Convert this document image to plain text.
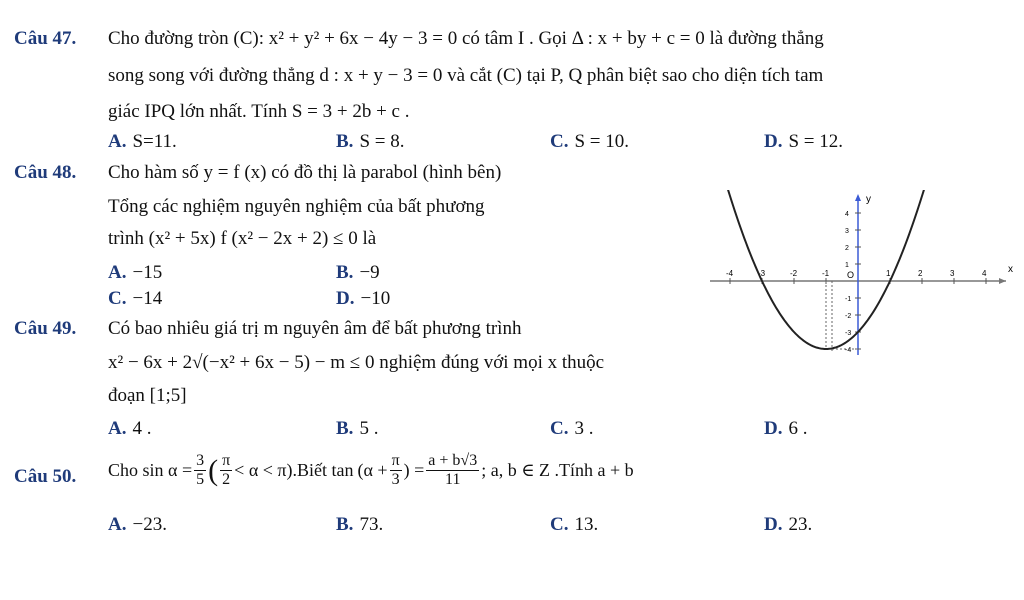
Câu 47. Cho đường tròn (C): x² + y² + 6x − 4y − 3 = 0 có tâm I . Gọi Δ : x + by + c = 0 là đường thẳng
song song với đường thẳng d : x + y − 3 = 0 và cắt (C) tại P, Q phân biệt sao cho diện tích tam
giác IPQ lớn nhất. Tính S = 3 + 2b + c .
A. S=11.	B. S = 8.	C. S = 10.	D. S = 12.
Câu 48. Cho hàm số y = f (x) có đồ thị là parabol (hình bên)
Tổng các nghiệm nguyên nghiệm của bất phương
trình (x² + 5x) f (x² − 2x + 2) ≤ 0 là
A. −15	B. −9
C. −14	D. −10
x
y
O
-4	-3	-2	-1	1	2	3	4
4
3
2
1
-1
-2
-3
-4
Câu 49. Có bao nhiêu giá trị m nguyên âm để bất phương trình
x² − 6x + 2√(−x² + 6x − 5) − m ≤ 0 nghiệm đúng với mọi x thuộc
đoạn [1;5]
A. 4 .	B. 5 .	C. 3 .	D. 6 .
Câu 50. Cho $\sin \alpha = \frac{3}{5}$ ( $\frac{\pi}{2} < \alpha < \pi$ ).Biết $\tan (\alpha + \frac{\pi}{3}$ ) = $\frac{a + b√3}{11}$ ; a, b ∈ Z .Tính a + b
A. −23.	B. 73.	C. 13.	D. 23.
